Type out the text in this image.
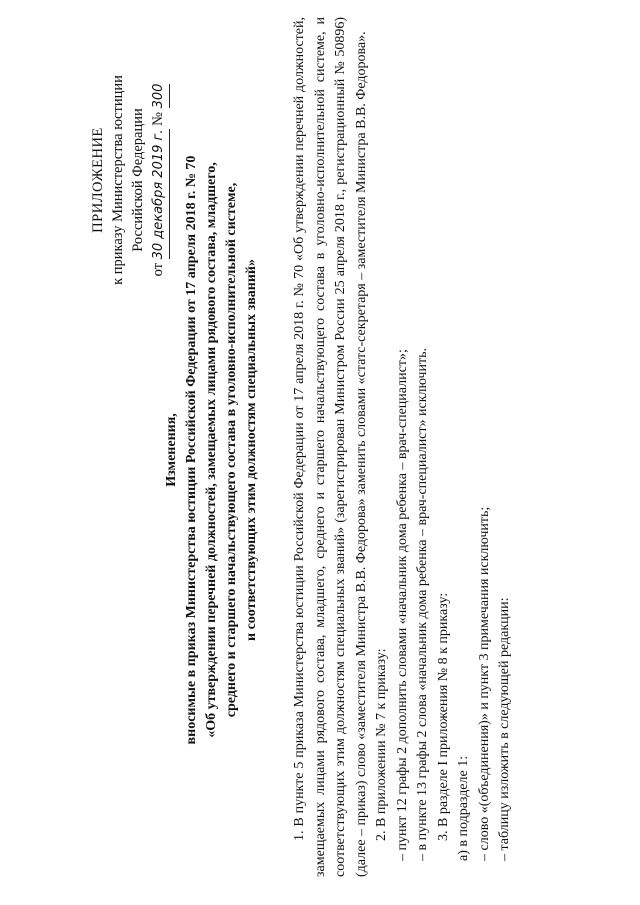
ПРИЛОЖЕНИЕ к приказу Министерства юстиции Российской Федерации
от 30 декабря 2019 г. № 300
Изменения, вносимые в приказ Министерства юстиции Российской Федерации от 17 апреля 2018 г. № 70 «Об утверждении перечней должностей, замещаемых лицами рядового состава, младшего, среднего и старшего начальствующего состава в уголовно-исполнительной системе, и соответствующих этим должностям специальных званий» 1. В пункте 5 приказа Министерства юстиции Российской Федерации от 17 апреля 2018 г. № 70 «Об утверждении перечней должностей, замещаемых лицами рядового состава, младшего, среднего и старшего начальствующего состава в уголовно-исполнительной системе, и соответствующих этим должностям специальных званий» (зарегистрирован Министром России 25 апреля 2018 г., регистрационный № 50896) (далее – приказ) слово «заместителя Министра В.В. Федорова» заменить словами «статс-секретаря – заместителя Министра В.В. Федорова». 2. В приложении № 7 к приказу: – пункт 12 графы 2 дополнить словами «начальник дома ребенка – врач-специалист»; – в пункте 13 графы 2 слова «начальник дома ребенка – врач-специалист» исключить. 3. В разделе I приложения № 8 к приказу: а) в подразделе 1: – слово «(объединения)» и пункт 3 примечания исключить; – таблицу изложить в следующей редакции:
